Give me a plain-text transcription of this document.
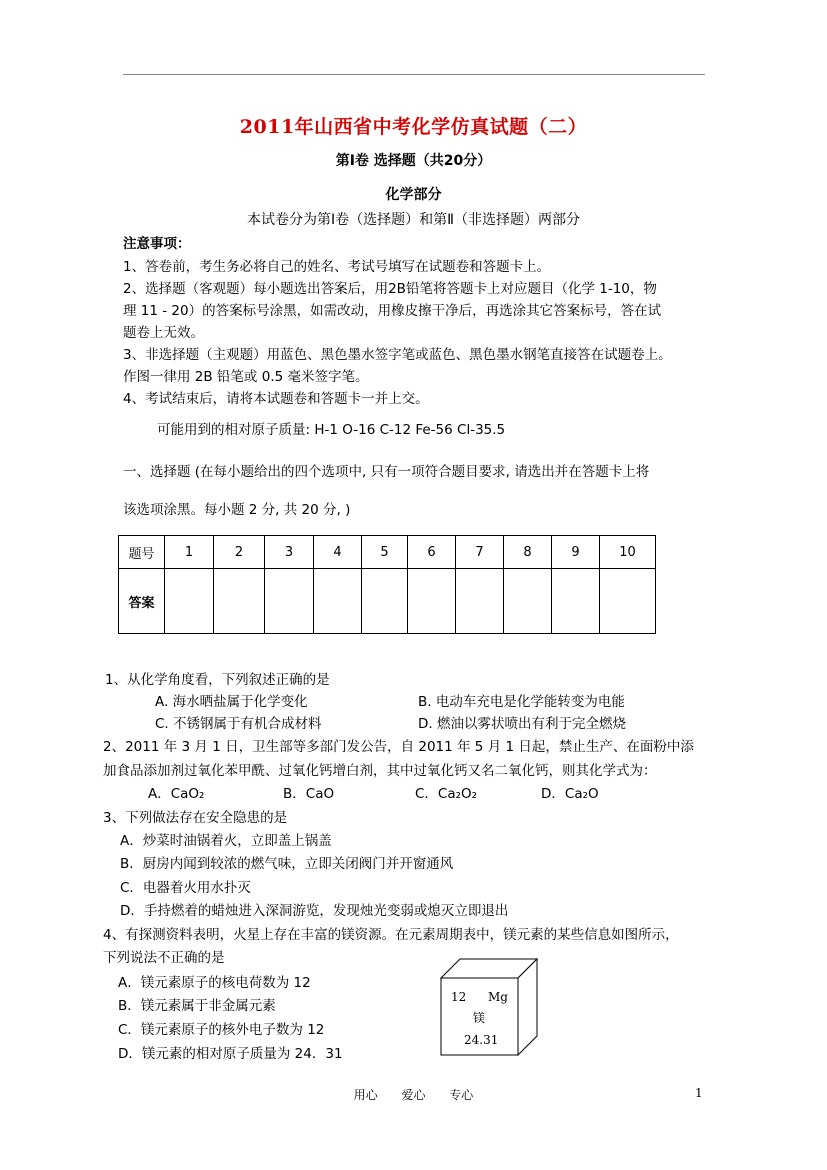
2011年山西省中考化学仿真试题（二）
第Ⅰ卷 选择题（共20分）
化学部分
本试卷分为第Ⅰ卷（选择题）和第Ⅱ（非选择题）两部分
注意事项：
1、答卷前，考生务必将自己的姓名、考试号填写在试题卷和答题卡上。
2、选择题（客观题）每小题选出答案后，用2B铅笔将答题卡上对应题目（化学 1-10，物
理 11 - 20）的答案标号涂黑，如需改动，用橡皮擦干净后，再选涂其它答案标号，答在试
题卷上无效。
3、非选择题（主观题）用蓝色、黑色墨水签字笔或蓝色、黑色墨水钢笔直接答在试题卷上。
作图一律用 2B 铅笔或 0.5 毫米签字笔。
4、考试结束后，请将本试题卷和答题卡一并上交。
可能用到的相对原子质量: H-1 O-16 C-12 Fe-56 Cl-35.5
一、选择题 (在每小题给出的四个选项中, 只有一项符合题目要求, 请选出并在答题卡上将
该选项涂黑。每小题 2 分, 共 20 分, )
题号	1	2	3	4	5	6	7	8	9	10
答案										
1、从化学角度看，下列叙述正确的是
A. 海水晒盐属于化学变化	B. 电动车充电是化学能转变为电能
C. 不锈钢属于有机合成材料	D. 燃油以雾状喷出有利于完全燃烧
2、2011 年 3 月 1 日，卫生部等多部门发公告，自 2011 年 5 月 1 日起，禁止生产、在面粉中添
加食品添加剂过氧化苯甲酰、过氧化钙增白剂，其中过氧化钙又名二氧化钙，则其化学式为：
A．CaO₂	B．CaO	C．Ca₂O₂	D．Ca₂O
3、下列做法存在安全隐患的是
A．炒菜时油锅着火，立即盖上锅盖
B．厨房内闻到较浓的燃气味，立即关闭阀门并开窗通风
C．电器着火用水扑灭
D．手持燃着的蜡烛进入深洞游览，发现烛光变弱或熄灭立即退出
4、有探测资料表明，火星上存在丰富的镁资源。在元素周期表中，镁元素的某些信息如图所示，
下列说法不正确的是
A．镁元素原子的核电荷数为 12
B．镁元素属于非金属元素
C．镁元素原子的核外电子数为 12
D．镁元素的相对原子质量为 24．31
12 Mg
镁
24.31
用心 爱心 专心	1
